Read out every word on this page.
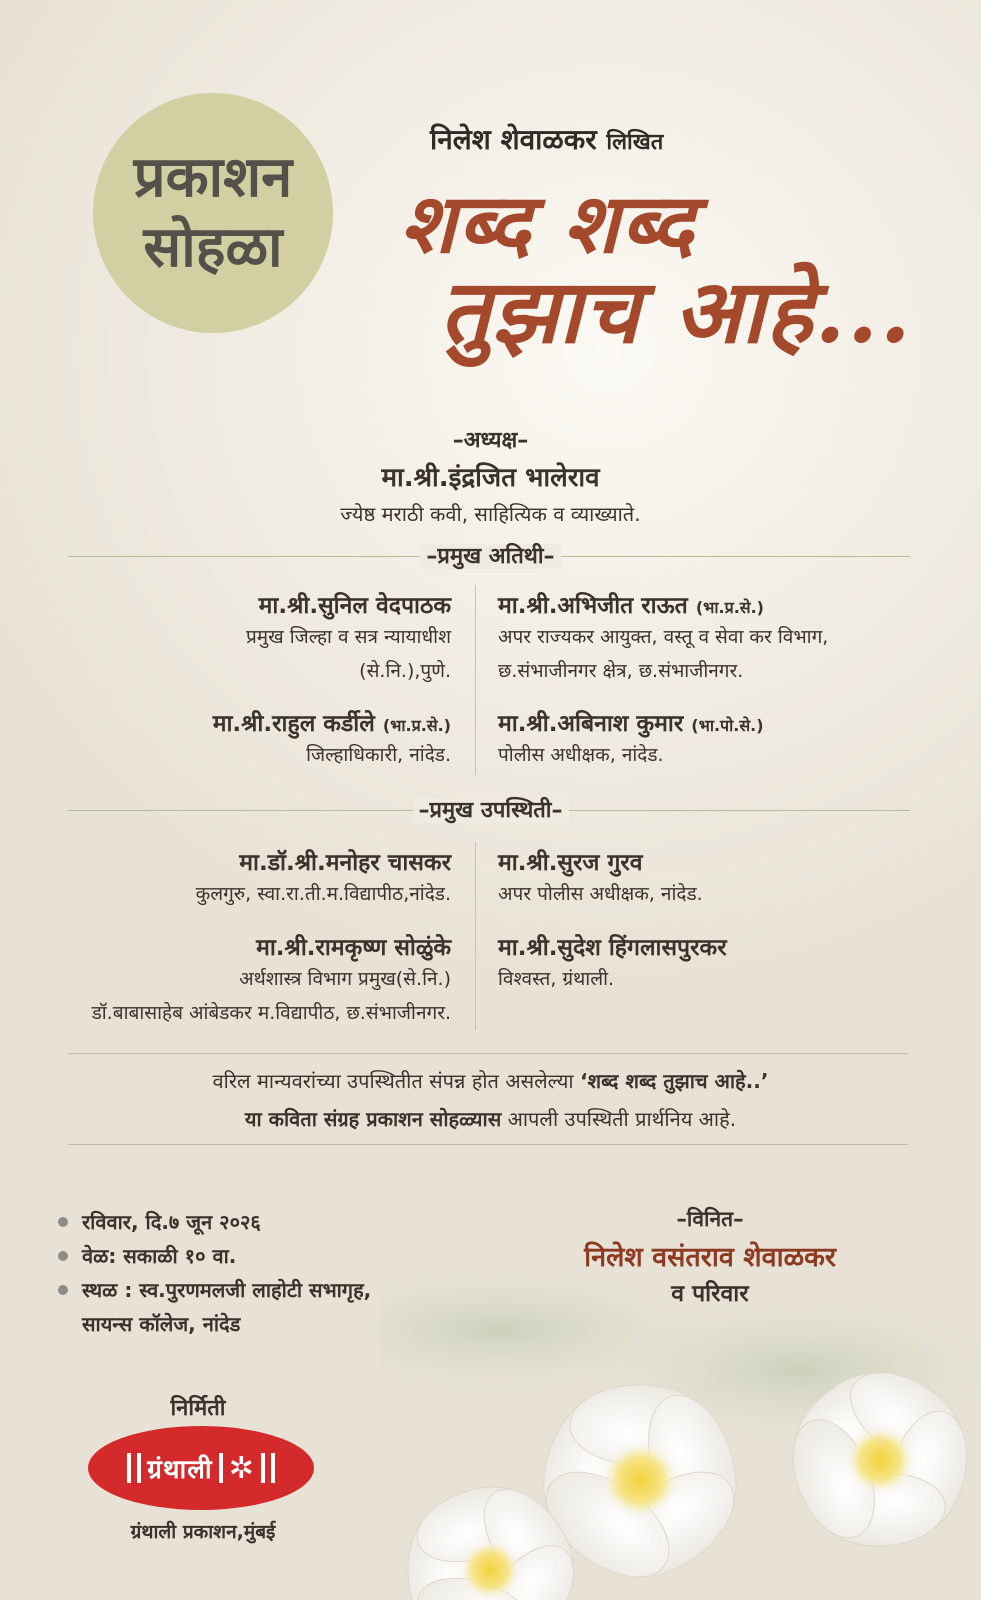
प्रकाशन
सोहळा
निलेश शेवाळकर लिखित
शब्द शब्द
तुझाच आहे...
–अध्यक्ष–
मा.श्री.इंद्रजित भालेराव
ज्येष्ठ मराठी कवी, साहित्यिक व व्याख्याते.
–प्रमुख अतिथी–
मा.श्री.सुनिल वेदपाठक
प्रमुख जिल्हा व सत्र न्यायाधीश
(से.नि.),पुणे.
मा.श्री.अभिजीत राऊत (भा.प्र.से.)
अपर राज्यकर आयुक्त, वस्तू व सेवा कर विभाग,
छ.संभाजीनगर क्षेत्र, छ.संभाजीनगर.
मा.श्री.राहुल कर्डीले (भा.प्र.से.)
जिल्हाधिकारी, नांदेड.
मा.श्री.अबिनाश कुमार (भा.पो.से.)
पोलीस अधीक्षक, नांदेड.
–प्रमुख उपस्थिती–
मा.डॉ.श्री.मनोहर चासकर
कुलगुरु, स्वा.रा.ती.म.विद्यापीठ,नांदेड.
मा.श्री.सुरज गुरव
अपर पोलीस अधीक्षक, नांदेड.
मा.श्री.रामकृष्ण सोळुंके
अर्थशास्त्र विभाग प्रमुख(से.नि.)
डॉ.बाबासाहेब आंबेडकर म.विद्यापीठ, छ.संभाजीनगर.
मा.श्री.सुदेश हिंगलासपुरकर
विश्वस्त, ग्रंथाली.
वरिल मान्यवरांच्या उपस्थितीत संपन्न होत असलेल्या ‘शब्द शब्द तुझाच आहे..’
या कविता संग्रह प्रकाशन सोहळ्यास आपली उपस्थिती प्रार्थनिय आहे.
रविवार, दि.७ जून २०२६
वेळ: सकाळी १० वा.
स्थळ : स्व.पुरणमलजी लाहोटी सभागृह,
सायन्स कॉलेज, नांदेड
–विनित–
निलेश वसंतराव शेवाळकर
व परिवार
निर्मिती
ग्रंथाली ✲
ग्रंथाली प्रकाशन,मुंबई
